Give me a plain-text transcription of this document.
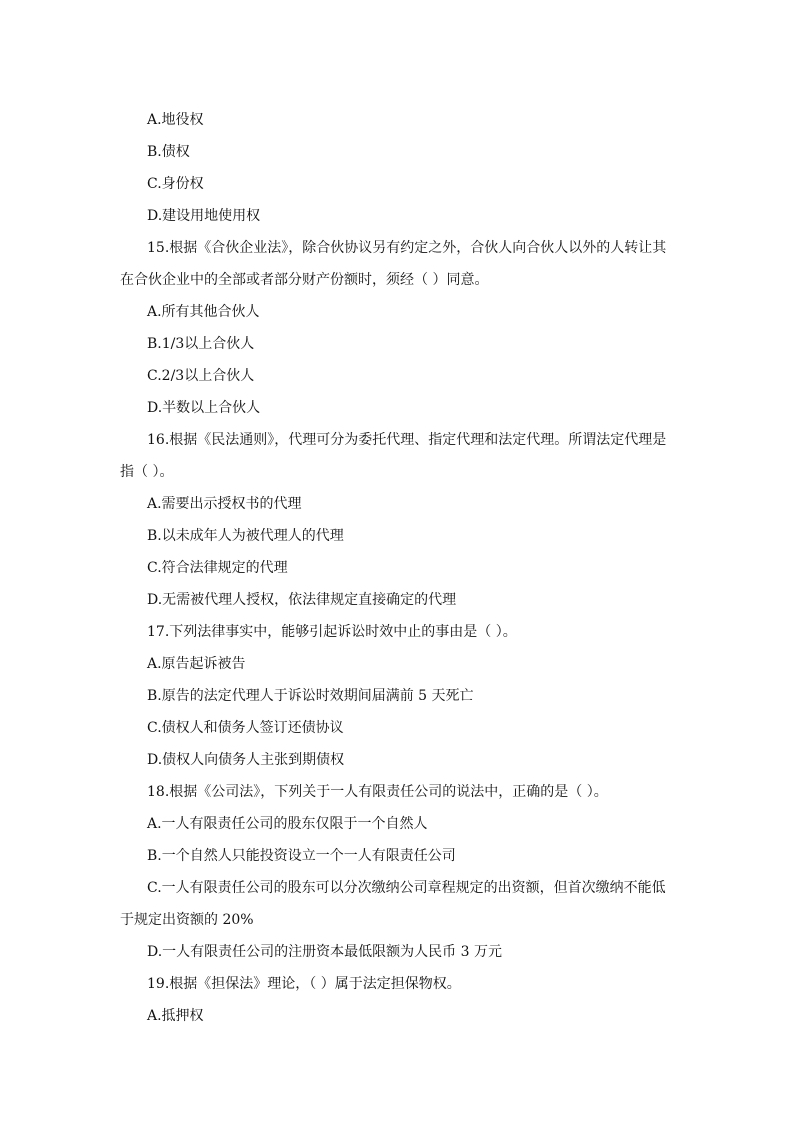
A.地役权

B.债权

C.身份权

D.建设用地使用权

15.根据《合伙企业法》，除合伙协议另有约定之外，合伙人向合伙人以外的人转让其

在合伙企业中的全部或者部分财产份额时，须经（ ）同意。

A.所有其他合伙人

B.1/3以上合伙人

C.2/3以上合伙人

D.半数以上合伙人

16.根据《民法通则》，代理可分为委托代理、指定代理和法定代理。所谓法定代理是

指（ ）。

A.需要出示授权书的代理

B.以未成年人为被代理人的代理

C.符合法律规定的代理

D.无需被代理人授权，依法律规定直接确定的代理

17.下列法律事实中，能够引起诉讼时效中止的事由是（ ）。

A.原告起诉被告

B.原告的法定代理人于诉讼时效期间届满前 5 天死亡

C.债权人和债务人签订还债协议

D.债权人向债务人主张到期债权

18.根据《公司法》，下列关于一人有限责任公司的说法中，正确的是（ ）。

A.一人有限责任公司的股东仅限于一个自然人

B.一个自然人只能投资设立一个一人有限责任公司

C.一人有限责任公司的股东可以分次缴纳公司章程规定的出资额，但首次缴纳不能低

于规定出资额的 20%

D.一人有限责任公司的注册资本最低限额为人民币 3 万元

19.根据《担保法》理论，（ ）属于法定担保物权。

A.抵押权
